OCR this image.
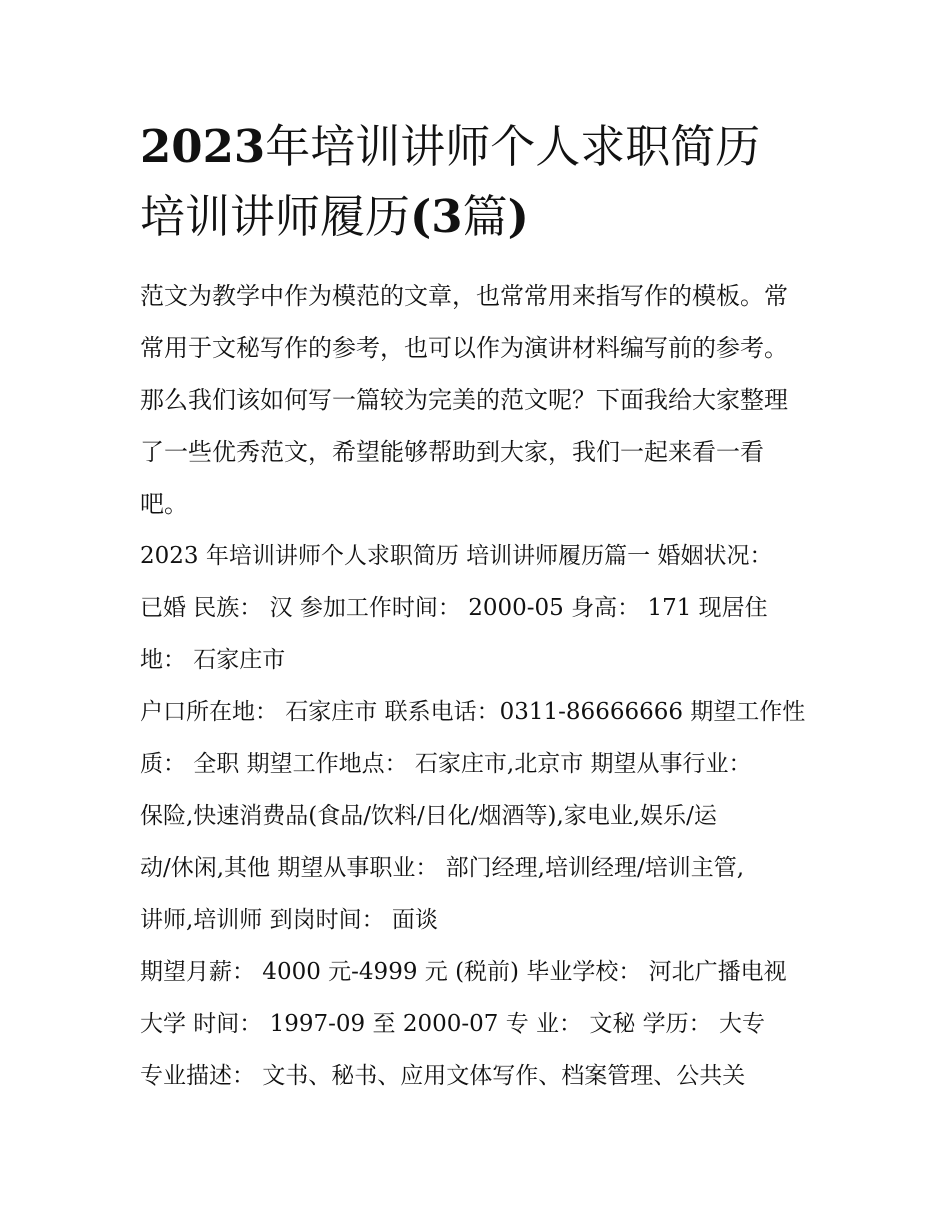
2023年培训讲师个人求职简历
培训讲师履历(3篇)
范文为教学中作为模范的文章，也常常用来指写作的模板。常
常用于文秘写作的参考，也可以作为演讲材料编写前的参考。
那么我们该如何写一篇较为完美的范文呢？下面我给大家整理
了一些优秀范文，希望能够帮助到大家，我们一起来看一看
吧。
2023 年培训讲师个人求职简历 培训讲师履历篇一 婚姻状况：
已婚 民族： 汉 参加工作时间： 2000-05 身高： 171 现居住
地： 石家庄市
户口所在地： 石家庄市 联系电话：0311-86666666 期望工作性
质： 全职 期望工作地点： 石家庄市,北京市 期望从事行业：
保险,快速消费品(食品/饮料/日化/烟酒等),家电业,娱乐/运
动/休闲,其他 期望从事职业： 部门经理,培训经理/培训主管,
讲师,培训师 到岗时间： 面谈
期望月薪： 4000 元-4999 元 (税前) 毕业学校： 河北广播电视
大学 时间： 1997-09 至 2000-07 专 业： 文秘 学历： 大专
专业描述： 文书、秘书、应用文体写作、档案管理、公共关
